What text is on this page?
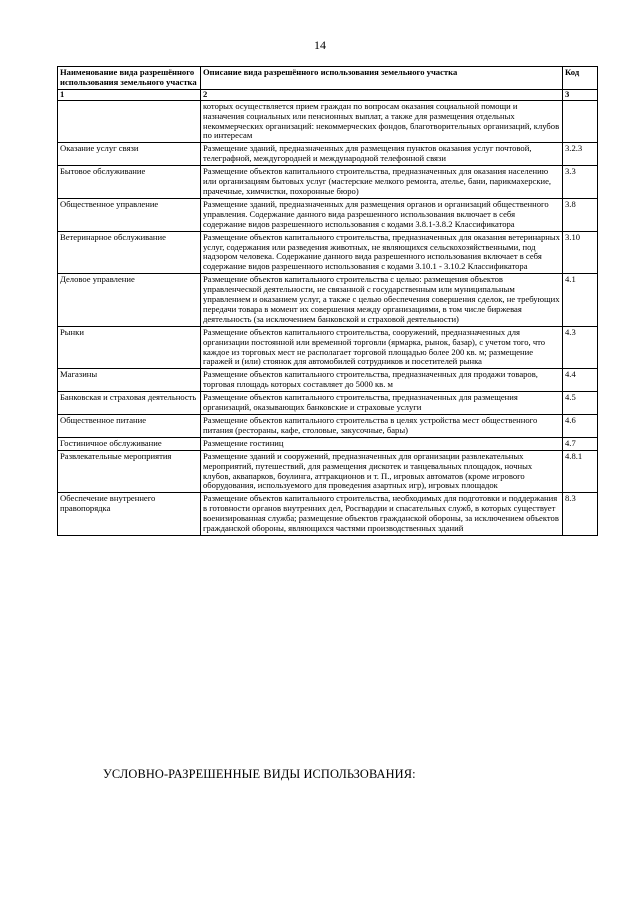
14
Наименование вида разрешённого использования земельного участка	Описание вида разрешённого использования земельного участка	Код
1	2	3
	которых осуществляется прием граждан по вопросам оказания социальной помощи и назначения социальных или пенсионных выплат, а также для размещения отдельных некоммерческих организаций: некоммерческих фондов, благотворительных организаций, клубов по интересам	
Оказание услуг связи	Размещение зданий, предназначенных для размещения пунктов оказания услуг почтовой, телеграфной, междугородней и международной телефонной связи	3.2.3
Бытовое обслуживание	Размещение объектов капитального строительства, предназначенных для оказания населению или организациям бытовых услуг (мастерские мелкого ремонта, ателье, бани, парикмахерские, прачечные, химчистки, похоронные бюро)	3.3
Общественное управление	Размещение зданий, предназначенных для размещения органов и организаций общественного управления. Содержание данного вида разрешенного использования включает в себя содержание видов разрешенного использования с кодами 3.8.1-3.8.2 Классификатора	3.8
Ветеринарное обслуживание	Размещение объектов капитального строительства, предназначенных для оказания ветеринарных услуг, содержания или разведения животных, не являющихся сельскохозяйственными, под надзором человека. Содержание данного вида разрешенного использования включает в себя содержание видов разрешенного использования с кодами 3.10.1 - 3.10.2 Классификатора	3.10
Деловое управление	Размещение объектов капитального строительства с целью: размещения объектов управленческой деятельности, не связанной с государственным или муниципальным управлением и оказанием услуг, а также с целью обеспечения совершения сделок, не требующих передачи товара в момент их совершения между организациями, в том числе биржевая деятельность (за исключением банковской и страховой деятельности)	4.1
Рынки	Размещение объектов капитального строительства, сооружений, предназначенных для организации постоянной или временной торговли (ярмарка, рынок, базар), с учетом того, что каждое из торговых мест не располагает торговой площадью более 200 кв. м; размещение гаражей и (или) стоянок для автомобилей сотрудников и посетителей рынка	4.3
Магазины	Размещение объектов капитального строительства, предназначенных для продажи товаров, торговая площадь которых составляет до 5000 кв. м	4.4
Банковская и страховая деятельность	Размещение объектов капитального строительства, предназначенных для размещения организаций, оказывающих банковские и страховые услуги	4.5
Общественное питание	Размещение объектов капитального строительства в целях устройства мест общественного питания (рестораны, кафе, столовые, закусочные, бары)	4.6
Гостиничное обслуживание	Размещение гостиниц	4.7
Развлекательные мероприятия	Размещение зданий и сооружений, предназначенных для организации развлекательных мероприятий, путешествий, для размещения дискотек и танцевальных площадок, ночных клубов, аквапарков, боулинга, аттракционов и т. П., игровых автоматов (кроме игрового оборудования, используемого для проведения азартных игр), игровых площадок	4.8.1
Обеспечение внутреннего правопорядка	Размещение объектов капитального строительства, необходимых для подготовки и поддержания в готовности органов внутренних дел, Росгвардии и спасательных служб, в которых существует военизированная служба; размещение объектов гражданской обороны, за исключением объектов гражданской обороны, являющихся частями производственных зданий	8.3
УСЛОВНО-РАЗРЕШЕННЫЕ ВИДЫ ИСПОЛЬЗОВАНИЯ:
